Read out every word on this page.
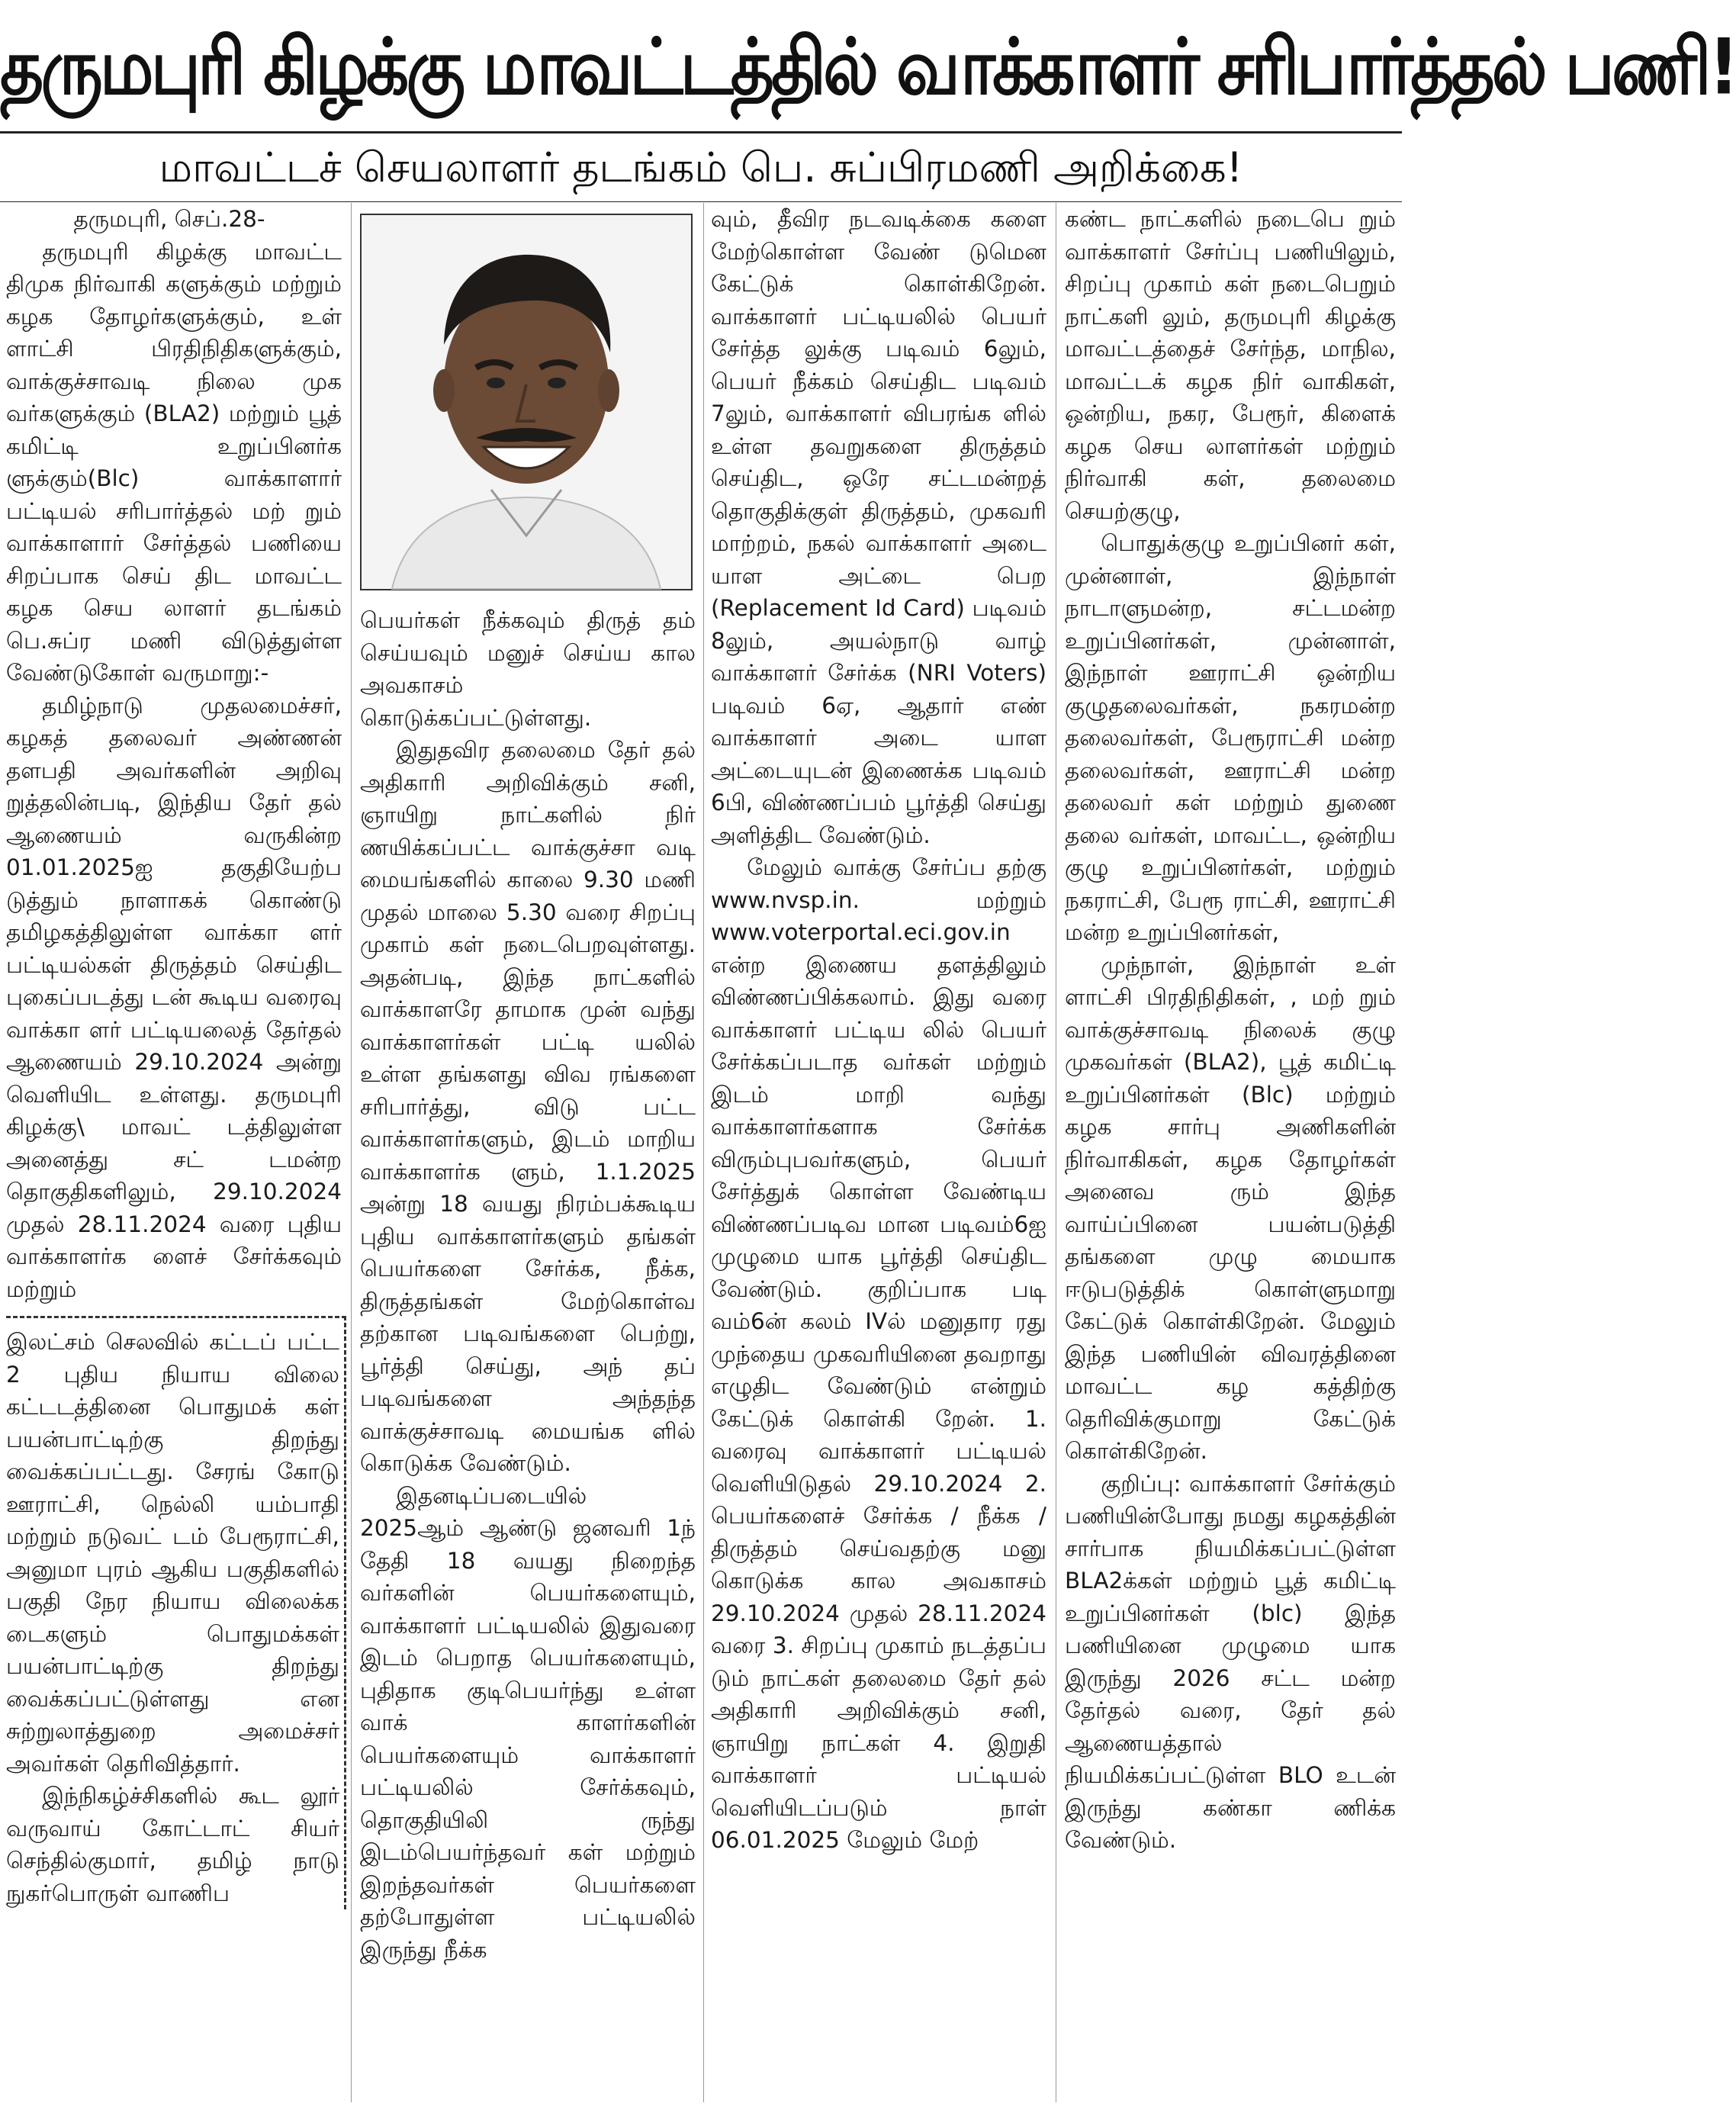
தருமபுரி கிழக்கு மாவட்டத்தில் வாக்காளர் சரிபார்த்தல் பணி!
மாவட்டச் செயலாளர் தடங்கம் பெ. சுப்பிரமணி அறிக்கை!

தருமபுரி, செப்.28-

தருமபுரி கிழக்கு மாவட்ட திமுக நிர்வாகி களுக்கும் மற்றும் கழக தோழர்களுக்கும், உள் ளாட்சி பிரதிநிதிகளுக்கும், வாக்குச்சாவடி நிலை முக வர்களுக்கும் (BLA2) மற்றும் பூத் கமிட்டி உறுப்பினர்க ளுக்கும்(Blc) வாக்காளார் பட்டியல் சரிபார்த்தல் மற் றும் வாக்காளார் சேர்த்தல் பணியை சிறப்பாக செய் திட மாவட்ட கழக செய லாளர் தடங்கம் பெ.சுப்ர மணி விடுத்துள்ள வேண்டுகோள் வருமாறு:-

தமிழ்நாடு முதலமைச்சர், கழகத் தலைவர் அண்ணன் தளபதி அவர்களின் அறிவு றுத்தலின்படி, இந்திய தேர் தல் ஆணையம் வருகின்ற 01.01.2025ஐ தகுதியேற்ப டுத்தும் நாளாகக் கொண்டு தமிழகத்திலுள்ள வாக்கா ளர் பட்டியல்கள் திருத்தம் செய்திட புகைப்படத்து டன் கூடிய வரைவு வாக்கா ளர் பட்டியலைத் தேர்தல் ஆணையம் 29.10.2024 அன்று வெளியிட உள்ளது. தருமபுரி கிழக்கு\ மாவட் டத்திலுள்ள அனைத்து சட் டமன்ற தொகுதிகளிலும், 29.10.2024 முதல் 28.11.2024 வரை புதிய வாக்காளர்க ளைச் சேர்க்கவும் மற்றும்

இலட்சம் செலவில் கட்டப் பட்ட 2 புதிய நியாய விலை கட்டடத்தினை பொதுமக் கள் பயன்பாட்டிற்கு திறந்து வைக்கப்பட்டது. சேரங் கோடு ஊராட்சி, நெல்லி யம்பாதி மற்றும் நடுவட் டம் பேரூராட்சி, அனுமா புரம் ஆகிய பகுதிகளில் பகுதி நேர நியாய விலைக்க டைகளும் பொதுமக்கள் பயன்பாட்டிற்கு திறந்து வைக்கப்பட்டுள்ளது என சுற்றுலாத்துறை அமைச்சர் அவர்கள் தெரிவித்தார்.

இந்நிகழ்ச்சிகளில் கூட லூர் வருவாய் கோட்டாட் சியர் செந்தில்குமார், தமிழ் நாடு நுகர்பொருள் வாணிப

பெயர்கள் நீக்கவும் திருத் தம் செய்யவும் மனுச் செய்ய கால அவகாசம் கொடுக்கப்பட்டுள்ளது.

இதுதவிர தலைமை தேர் தல் அதிகாரி அறிவிக்கும் சனி, ஞாயிறு நாட்களில் நிர் ணயிக்கப்பட்ட வாக்குச்சா வடி மையங்களில் காலை 9.30 மணி முதல் மாலை 5.30 வரை சிறப்பு முகாம் கள் நடைபெறவுள்ளது. அதன்படி, இந்த நாட்களில் வாக்காளரே தாமாக முன் வந்து வாக்காளர்கள் பட்டி யலில் உள்ள தங்களது விவ ரங்களை சரிபார்த்து, விடு பட்ட வாக்காளர்களும், இடம் மாறிய வாக்காளர்க ளும், 1.1.2025 அன்று 18 வயது நிரம்பக்கூடிய புதிய வாக்காளர்களும் தங்கள் பெயர்களை சேர்க்க, நீக்க, திருத்தங்கள் மேற்கொள்வ தற்கான படிவங்களை பெற்று, பூர்த்தி செய்து, அந் தப் படிவங்களை அந்தந்த வாக்குச்சாவடி மையங்க ளில் கொடுக்க வேண்டும்.

இதனடிப்படையில் 2025ஆம் ஆண்டு ஜனவரி 1ந் தேதி 18 வயது நிறைந்த வர்களின் பெயர்களையும், வாக்காளர் பட்டியலில் இதுவரை இடம் பெறாத பெயர்களையும், புதிதாக குடிபெயர்ந்து உள்ள வாக் காளர்களின் பெயர்களையும் வாக்காளர் பட்டியலில் சேர்க்கவும், தொகுதியிலி ருந்து இடம்பெயர்ந்தவர் கள் மற்றும் இறந்தவர்கள் பெயர்களை தற்போதுள்ள பட்டியலில் இருந்து நீக்க

வும், தீவிர நடவடிக்கை களை மேற்கொள்ள வேண் டுமென கேட்டுக் கொள்கிறேன். வாக்காளர் பட்டியலில் பெயர் சேர்த்த லுக்கு படிவம் 6லும், பெயர் நீக்கம் செய்திட படிவம் 7லும், வாக்காளர் விபரங்க ளில் உள்ள தவறுகளை திருத்தம் செய்திட, ஒரே சட்டமன்றத் தொகுதிக்குள் திருத்தம், முகவரி மாற்றம், நகல் வாக்காளர் அடை யாள அட்டை பெற (Replacement Id Card) படிவம் 8லும், அயல்நாடு வாழ் வாக்காளர் சேர்க்க (NRI Voters) படிவம் 6ஏ, ஆதார் எண் வாக்காளர் அடை யாள அட்டையுடன் இணைக்க படிவம் 6பி, விண்ணப்பம் பூர்த்தி செய்து அளித்திட வேண்டும்.

மேலும் வாக்கு சேர்ப்ப தற்கு www.nvsp.in. மற்றும் www.voterportal.eci.gov.in என்ற இணைய தளத்திலும் விண்ணப்பிக்கலாம். இது வரை வாக்காளர் பட்டிய லில் பெயர் சேர்க்கப்படாத வர்கள் மற்றும் இடம் மாறி வந்து வாக்காளர்களாக சேர்க்க விரும்புபவர்களும், பெயர் சேர்த்துக் கொள்ள வேண்டிய விண்ணப்படிவ மான படிவம்6ஐ முழுமை யாக பூர்த்தி செய்திட வேண்டும். குறிப்பாக படி வம்6ன் கலம் IVல் மனுதார ரது முந்தைய முகவரியினை தவறாது எழுதிட வேண்டும் என்றும் கேட்டுக் கொள்கி றேன். 1. வரைவு வாக்காளர் பட்டியல் வெளியிடுதல் 29.10.2024 2. பெயர்களைச் சேர்க்க / நீக்க / திருத்தம் செய்வதற்கு மனு கொடுக்க கால அவகாசம் 29.10.2024 முதல் 28.11.2024 வரை 3. சிறப்பு முகாம் நடத்தப்ப டும் நாட்கள் தலைமை தேர் தல் அதிகாரி அறிவிக்கும் சனி, ஞாயிறு நாட்கள் 4. இறுதி வாக்காளர் பட்டியல் வெளியிடப்படும் நாள் 06.01.2025 மேலும் மேற்

கண்ட நாட்களில் நடைபெ றும் வாக்காளர் சேர்ப்பு பணியிலும், சிறப்பு முகாம் கள் நடைபெறும் நாட்களி லும், தருமபுரி கிழக்கு மாவட்டத்தைச் சேர்ந்த, மாநில, மாவட்டக் கழக நிர் வாகிகள், ஒன்றிய, நகர, பேரூர், கிளைக் கழக செய லாளர்கள் மற்றும் நிர்வாகி கள், தலைமை செயற்குழு,

பொதுக்குழு உறுப்பினர் கள், முன்னாள், இந்நாள் நாடாளுமன்ற, சட்டமன்ற உறுப்பினர்கள், முன்னாள், இந்நாள் ஊராட்சி ஒன்றிய குழுதலைவர்கள், நகரமன்ற தலைவர்கள், பேரூராட்சி மன்ற தலைவர்கள், ஊராட்சி மன்ற தலைவர் கள் மற்றும் துணை தலை வர்கள், மாவட்ட, ஒன்றிய குழு உறுப்பினர்கள், மற்றும் நகராட்சி, பேரூ ராட்சி, ஊராட்சி மன்ற உறுப்பினர்கள்,

முந்நாள், இந்நாள் உள் ளாட்சி பிரதிநிதிகள், , மற் றும் வாக்குச்சாவடி நிலைக் குழு முகவர்கள் (BLA2), பூத் கமிட்டி உறுப்பினர்கள் (Blc) மற்றும் கழக சார்பு அணிகளின் நிர்வாகிகள், கழக தோழர்கள் அனைவ ரும் இந்த வாய்ப்பினை பயன்படுத்தி தங்களை முழு மையாக ஈடுபடுத்திக் கொள்ளுமாறு கேட்டுக் கொள்கிறேன். மேலும் இந்த பணியின் விவரத்தினை மாவட்ட கழ கத்திற்கு தெரிவிக்குமாறு கேட்டுக் கொள்கிறேன்.

குறிப்பு: வாக்காளர் சேர்க்கும் பணியின்போது நமது கழகத்தின் சார்பாக நியமிக்கப்பட்டுள்ள BLA2க்கள் மற்றும் பூத் கமிட்டி உறுப்பினர்கள் (blc) இந்த பணியினை முழுமை யாக இருந்து 2026 சட்ட மன்ற தேர்தல் வரை, தேர் தல் ஆணையத்தால் நியமிக்கப்பட்டுள்ள BLO உடன் இருந்து கண்கா ணிக்க வேண்டும்.
